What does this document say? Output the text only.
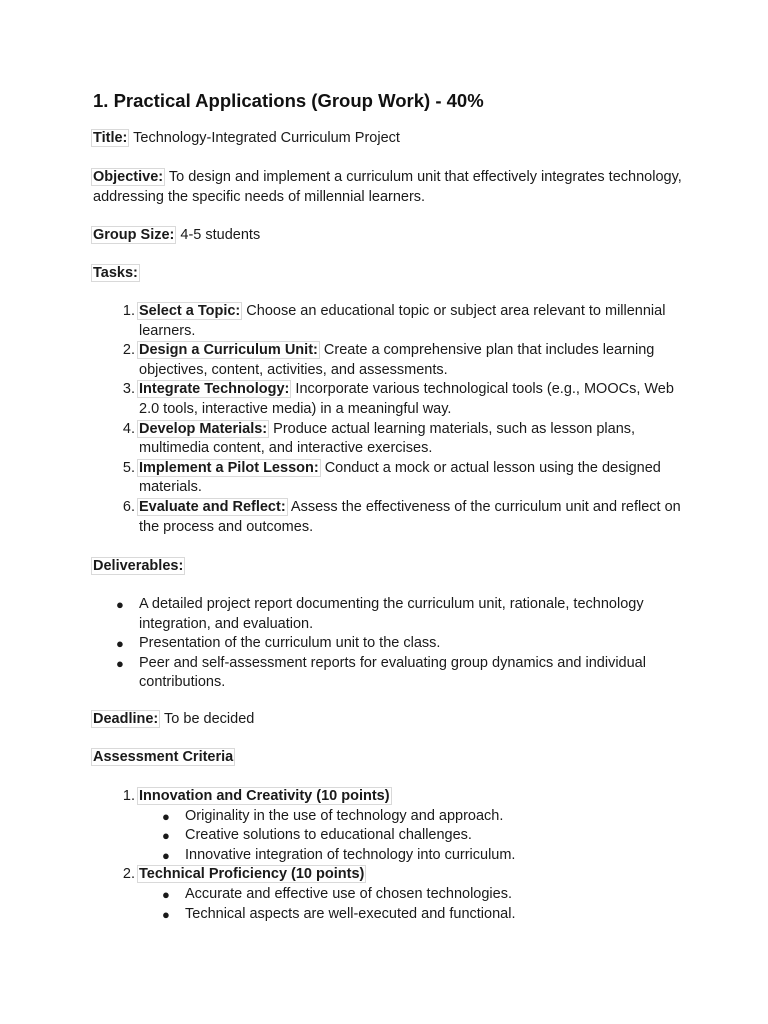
1. Practical Applications (Group Work) - 40%

Title: Technology-Integrated Curriculum Project

Objective: To design and implement a curriculum unit that effectively integrates technology, addressing the specific needs of millennial learners.

Group Size: 4-5 students

Tasks:

1. Select a Topic: Choose an educational topic or subject area relevant to millennial learners.
2. Design a Curriculum Unit: Create a comprehensive plan that includes learning objectives, content, activities, and assessments.
3. Integrate Technology: Incorporate various technological tools (e.g., MOOCs, Web 2.0 tools, interactive media) in a meaningful way.
4. Develop Materials: Produce actual learning materials, such as lesson plans, multimedia content, and interactive exercises.
5. Implement a Pilot Lesson: Conduct a mock or actual lesson using the designed materials.
6. Evaluate and Reflect: Assess the effectiveness of the curriculum unit and reflect on the process and outcomes.

Deliverables:

● A detailed project report documenting the curriculum unit, rationale, technology integration, and evaluation.
● Presentation of the curriculum unit to the class.
● Peer and self-assessment reports for evaluating group dynamics and individual contributions.

Deadline: To be decided

Assessment Criteria

1. Innovation and Creativity (10 points)
● Originality in the use of technology and approach.
● Creative solutions to educational challenges.
● Innovative integration of technology into curriculum.
2. Technical Proficiency (10 points)
● Accurate and effective use of chosen technologies.
● Technical aspects are well-executed and functional.
